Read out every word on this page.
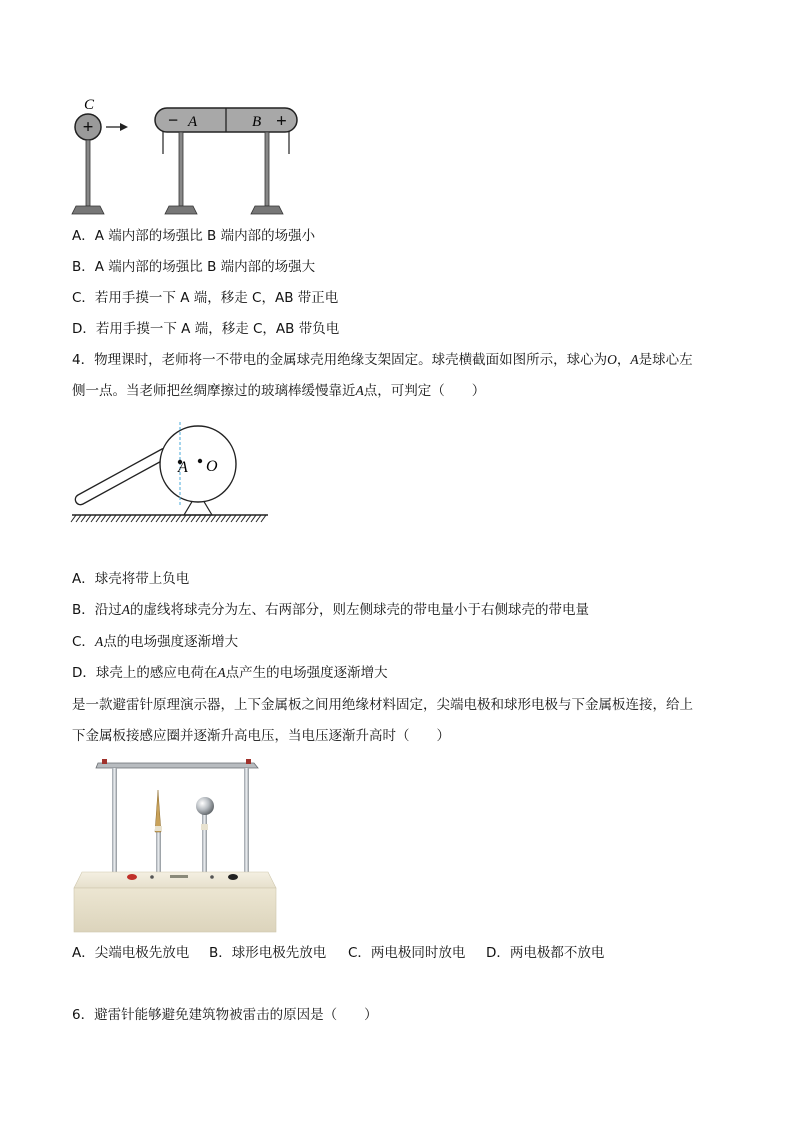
C
+	− A	B +
A．A 端内部的场强比 B 端内部的场强小
B．A 端内部的场强比 B 端内部的场强大
C．若用手摸一下 A 端，移走 C，AB 带正电
D．若用手摸一下 A 端，移走 C，AB 带负电
4．物理课时，老师将一不带电的金属球壳用绝缘支架固定。球壳横截面如图所示，球心为O，A是球心左
侧一点。当老师把丝绸摩擦过的玻璃棒缓慢靠近A点，可判定（　　）
A O
A．球壳将带上负电
B．沿过A的虚线将球壳分为左、右两部分，则左侧球壳的带电量小于右侧球壳的带电量
C．A点的电场强度逐渐增大
D．球壳上的感应电荷在A点产生的电场强度逐渐增大
是一款避雷针原理演示器，上下金属板之间用绝缘材料固定，尖端电极和球形电极与下金属板连接，给上
下金属板接感应圈并逐渐升高电压，当电压逐渐升高时（　　）
A．尖端电极先放电 B．球形电极先放电 C．两电极同时放电 D．两电极都不放电
6．避雷针能够避免建筑物被雷击的原因是（　　）
